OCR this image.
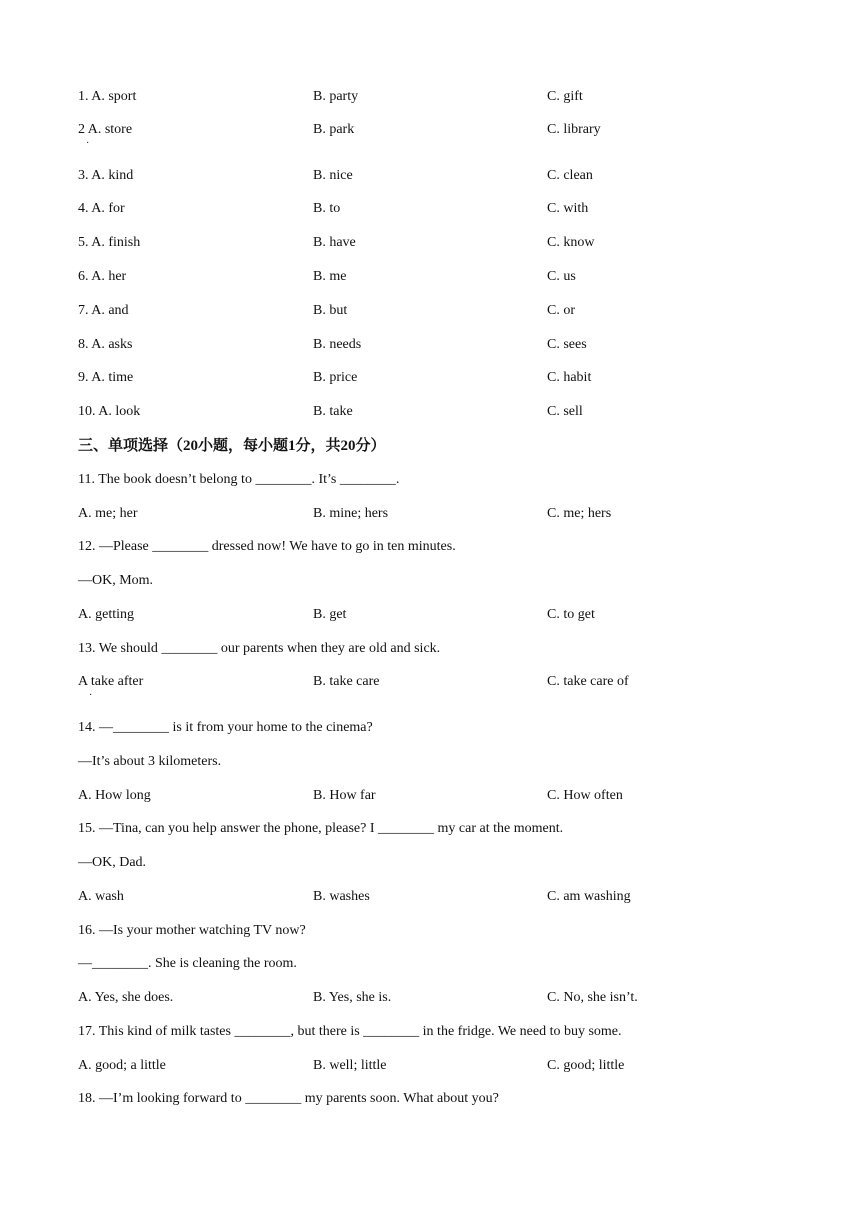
1. A. sport	B. party	C. gift
2 A. store	B. park	C. library
·
3. A. kind	B. nice	C. clean
4. A. for	B. to	C. with
5. A. finish	B. have	C. know
6. A. her	B. me	C. us
7. A. and	B. but	C. or
8. A. asks	B. needs	C. sees
9. A. time	B. price	C. habit
10. A. look	B. take	C. sell
三、单项选择（20小题，每小题1分，共20分）
11. The book doesn’t belong to ________. It’s ________.
A. me; her	B. mine; hers	C. me; hers
12. —Please ________ dressed now! We have to go in ten minutes.
—OK, Mom.
A. getting	B. get	C. to get
13. We should ________ our parents when they are old and sick.
A take after	B. take care	C. take care of
·
14. —________ is it from your home to the cinema?
—It’s about 3 kilometers.
A. How long	B. How far	C. How often
15. —Tina, can you help answer the phone, please? I ________ my car at the moment.
—OK, Dad.
A. wash	B. washes	C. am washing
16. —Is your mother watching TV now?
—________. She is cleaning the room.
A. Yes, she does.	B. Yes, she is.	C. No, she isn’t.
17. This kind of milk tastes ________, but there is ________ in the fridge. We need to buy some.
A. good; a little	B. well; little	C. good; little
18. —I’m looking forward to ________ my parents soon. What about you?
